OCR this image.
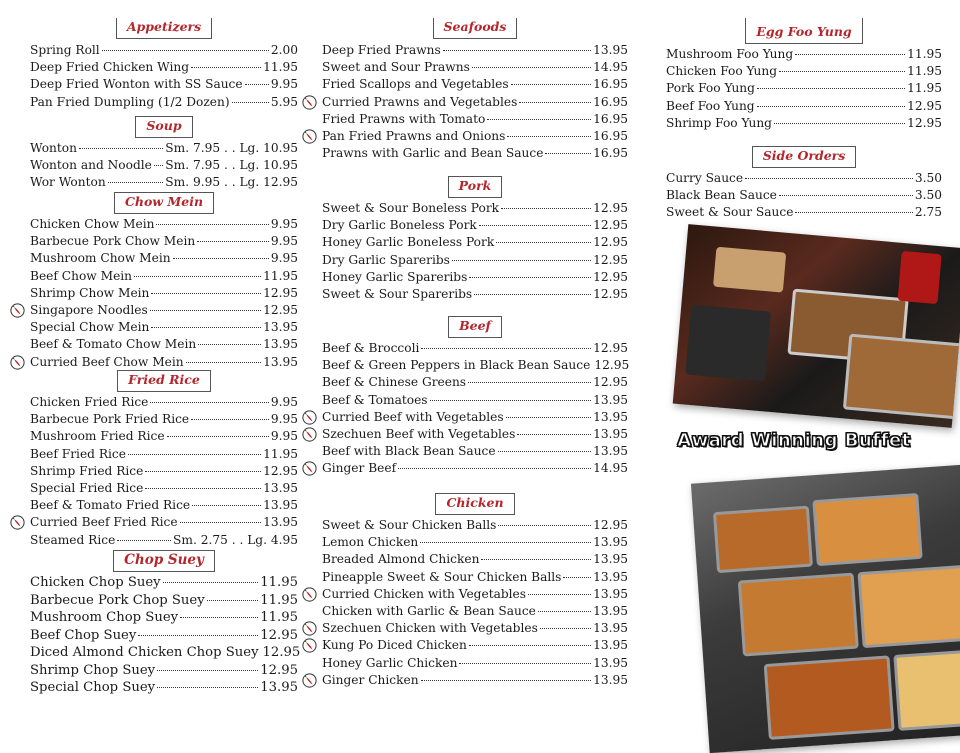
Appetizers
Spring Roll	2.00
Deep Fried Chicken Wing	11.95
Deep Fried Wonton with SS Sauce 9.95
Pan Fried Dumpling (1/2 Dozen)	5.95
Soup
Wonton	Sm. 7.95 . . Lg. 10.95
Wonton and Noodle Sm. 7.95 . . Lg. 10.95
Wor Wonton	Sm. 9.95 . . Lg. 12.95
Chow Mein
Chicken Chow Mein	9.95
Barbecue Pork Chow Mein	9.95
Mushroom Chow Mein	9.95
Beef Chow Mein	11.95
Shrimp Chow Mein	12.95
Singapore Noodles	12.95
Special Chow Mein	13.95
Beef & Tomato Chow Mein	13.95
Curried Beef Chow Mein	13.95
Fried Rice
Chicken Fried Rice	9.95
Barbecue Pork Fried Rice	9.95
Mushroom Fried Rice	9.95
Beef Fried Rice	11.95
Shrimp Fried Rice	12.95
Special Fried Rice	13.95
Beef & Tomato Fried Rice	13.95
Curried Beef Fried Rice	13.95
Steamed Rice	Sm. 2.75 . . Lg. 4.95
Chop Suey
Chicken Chop Suey	11.95
Barbecue Pork Chop Suey	11.95
Mushroom Chop Suey	11.95
Beef Chop Suey	12.95
Diced Almond Chicken Chop Suey 12.95
Shrimp Chop Suey	12.95
Special Chop Suey	13.95
Seafoods
Deep Fried Prawns	13.95
Sweet and Sour Prawns	14.95
Fried Scallops and Vegetables	16.95
Curried Prawns and Vegetables	16.95
Fried Prawns with Tomato	16.95
Pan Fried Prawns and Onions	16.95
Prawns with Garlic and Bean Sauce	16.95
Pork
Sweet & Sour Boneless Pork	12.95
Dry Garlic Boneless Pork	12.95
Honey Garlic Boneless Pork	12.95
Dry Garlic Spareribs	12.95
Honey Garlic Spareribs	12.95
Sweet & Sour Spareribs	12.95
Beef
Beef & Broccoli	12.95
Beef & Green Peppers in Black Bean Sauce 12.95
Beef & Chinese Greens	12.95
Beef & Tomatoes	13.95
Curried Beef with Vegetables	13.95
Szechuen Beef with Vegetables	13.95
Beef with Black Bean Sauce	13.95
Ginger Beef	14.95
Chicken
Sweet & Sour Chicken Balls	12.95
Lemon Chicken	13.95
Breaded Almond Chicken	13.95
Pineapple Sweet & Sour Chicken Balls	13.95
Curried Chicken with Vegetables	13.95
Chicken with Garlic & Bean Sauce	13.95
Szechuen Chicken with Vegetables	13.95
Kung Po Diced Chicken	13.95
Honey Garlic Chicken	13.95
Ginger Chicken	13.95
Egg Foo Yung
Mushroom Foo Yung	11.95
Chicken Foo Yung	11.95
Pork Foo Yung	11.95
Beef Foo Yung	12.95
Shrimp Foo Yung	12.95
Side Orders
Curry Sauce	3.50
Black Bean Sauce	3.50
Sweet & Sour Sauce	2.75
Award Winning Buffet
